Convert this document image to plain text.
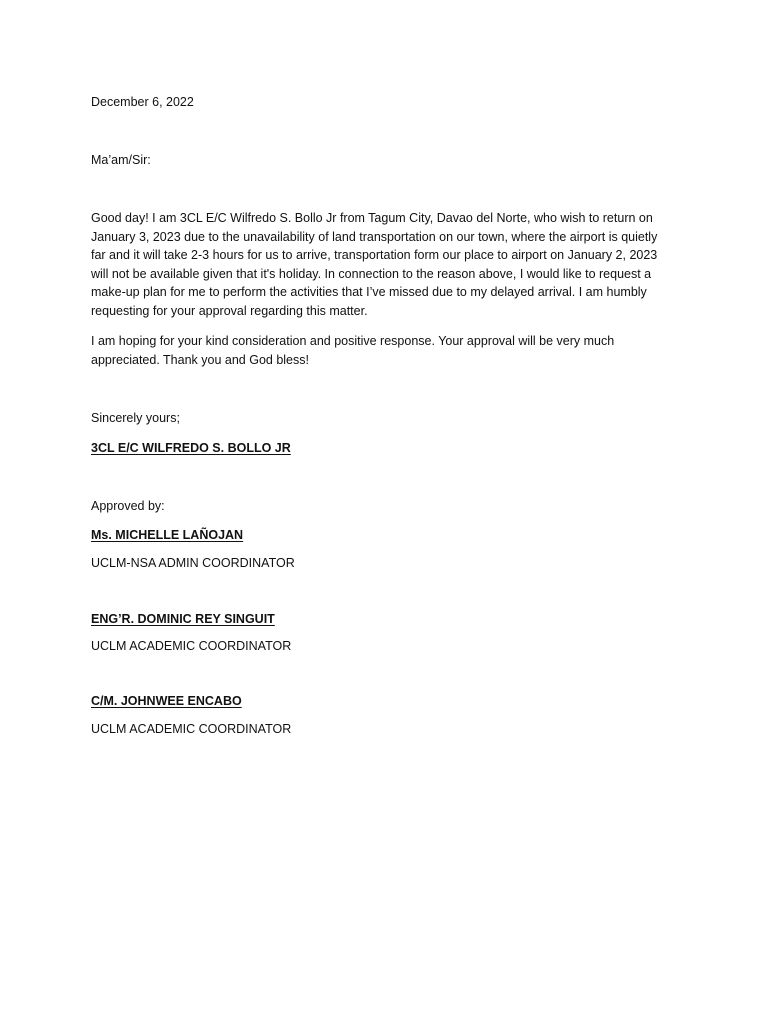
December 6, 2022
Ma’am/Sir:
Good day! I am 3CL E/C Wilfredo S. Bollo Jr from Tagum City, Davao del Norte, who wish to return on
January 3, 2023 due to the unavailability of land transportation on our town, where the airport is quietly
far and it will take 2-3 hours for us to arrive, transportation form our place to airport on January 2, 2023
will not be available given that it's holiday. In connection to the reason above, I would like to request a
make-up plan for me to perform the activities that I’ve missed due to my delayed arrival. I am humbly
requesting for your approval regarding this matter.
I am hoping for your kind consideration and positive response. Your approval will be very much
appreciated. Thank you and God bless!
Sincerely yours;
3CL E/C WILFREDO S. BOLLO JR
Approved by:
Ms. MICHELLE LAÑOJAN
UCLM-NSA ADMIN COORDINATOR
ENG’R. DOMINIC REY SINGUIT
UCLM ACADEMIC COORDINATOR
C/M. JOHNWEE ENCABO
UCLM ACADEMIC COORDINATOR
